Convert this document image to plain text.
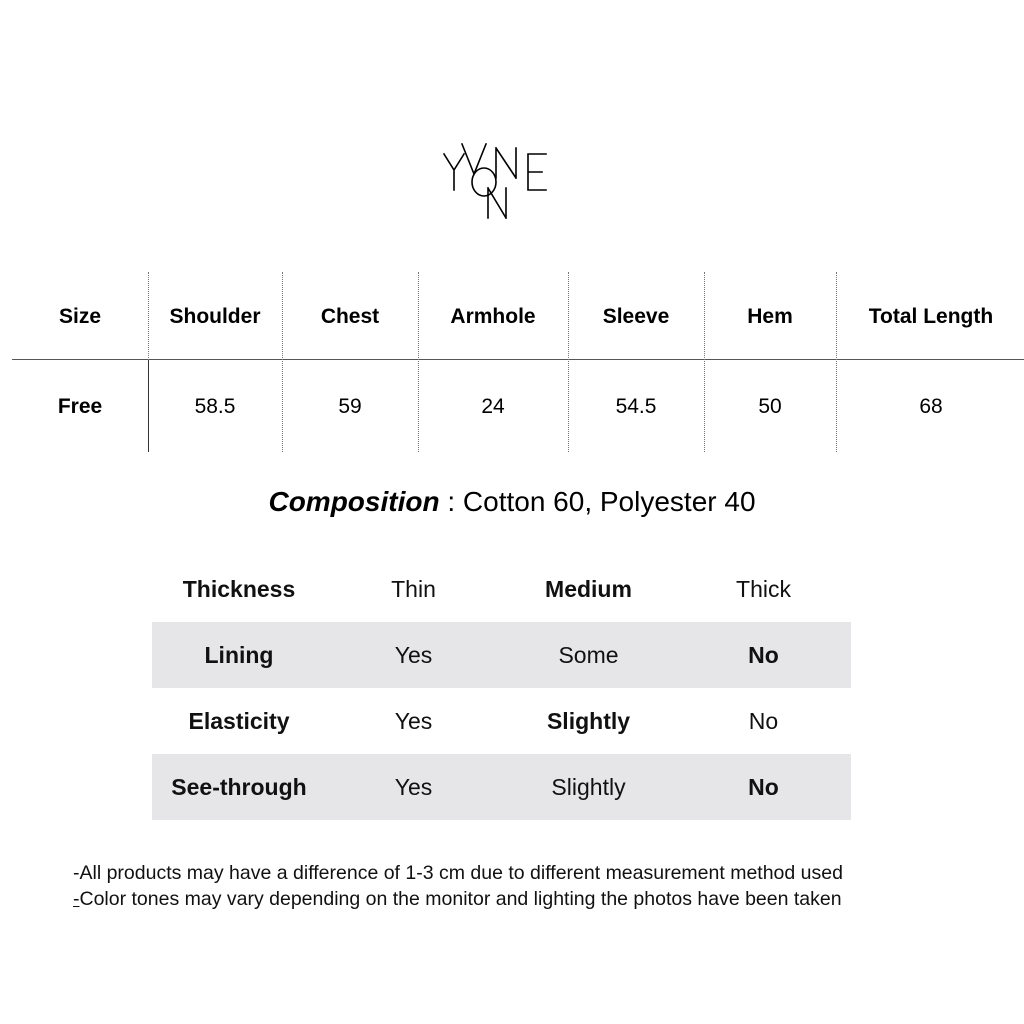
Size	Shoulder	Chest	Armhole	Sleeve	Hem	Total Length
Free	58.5	59	24	54.5	50	68
Composition : Cotton 60, Polyester 40
Thickness	Thin	Medium	Thick
Lining	Yes	Some	No
Elasticity	Yes	Slightly	No
See-through	Yes	Slightly	No
-All products may have a difference of 1-3 cm due to different measurement method used
-Color tones may vary depending on the monitor and lighting the photos have been taken
